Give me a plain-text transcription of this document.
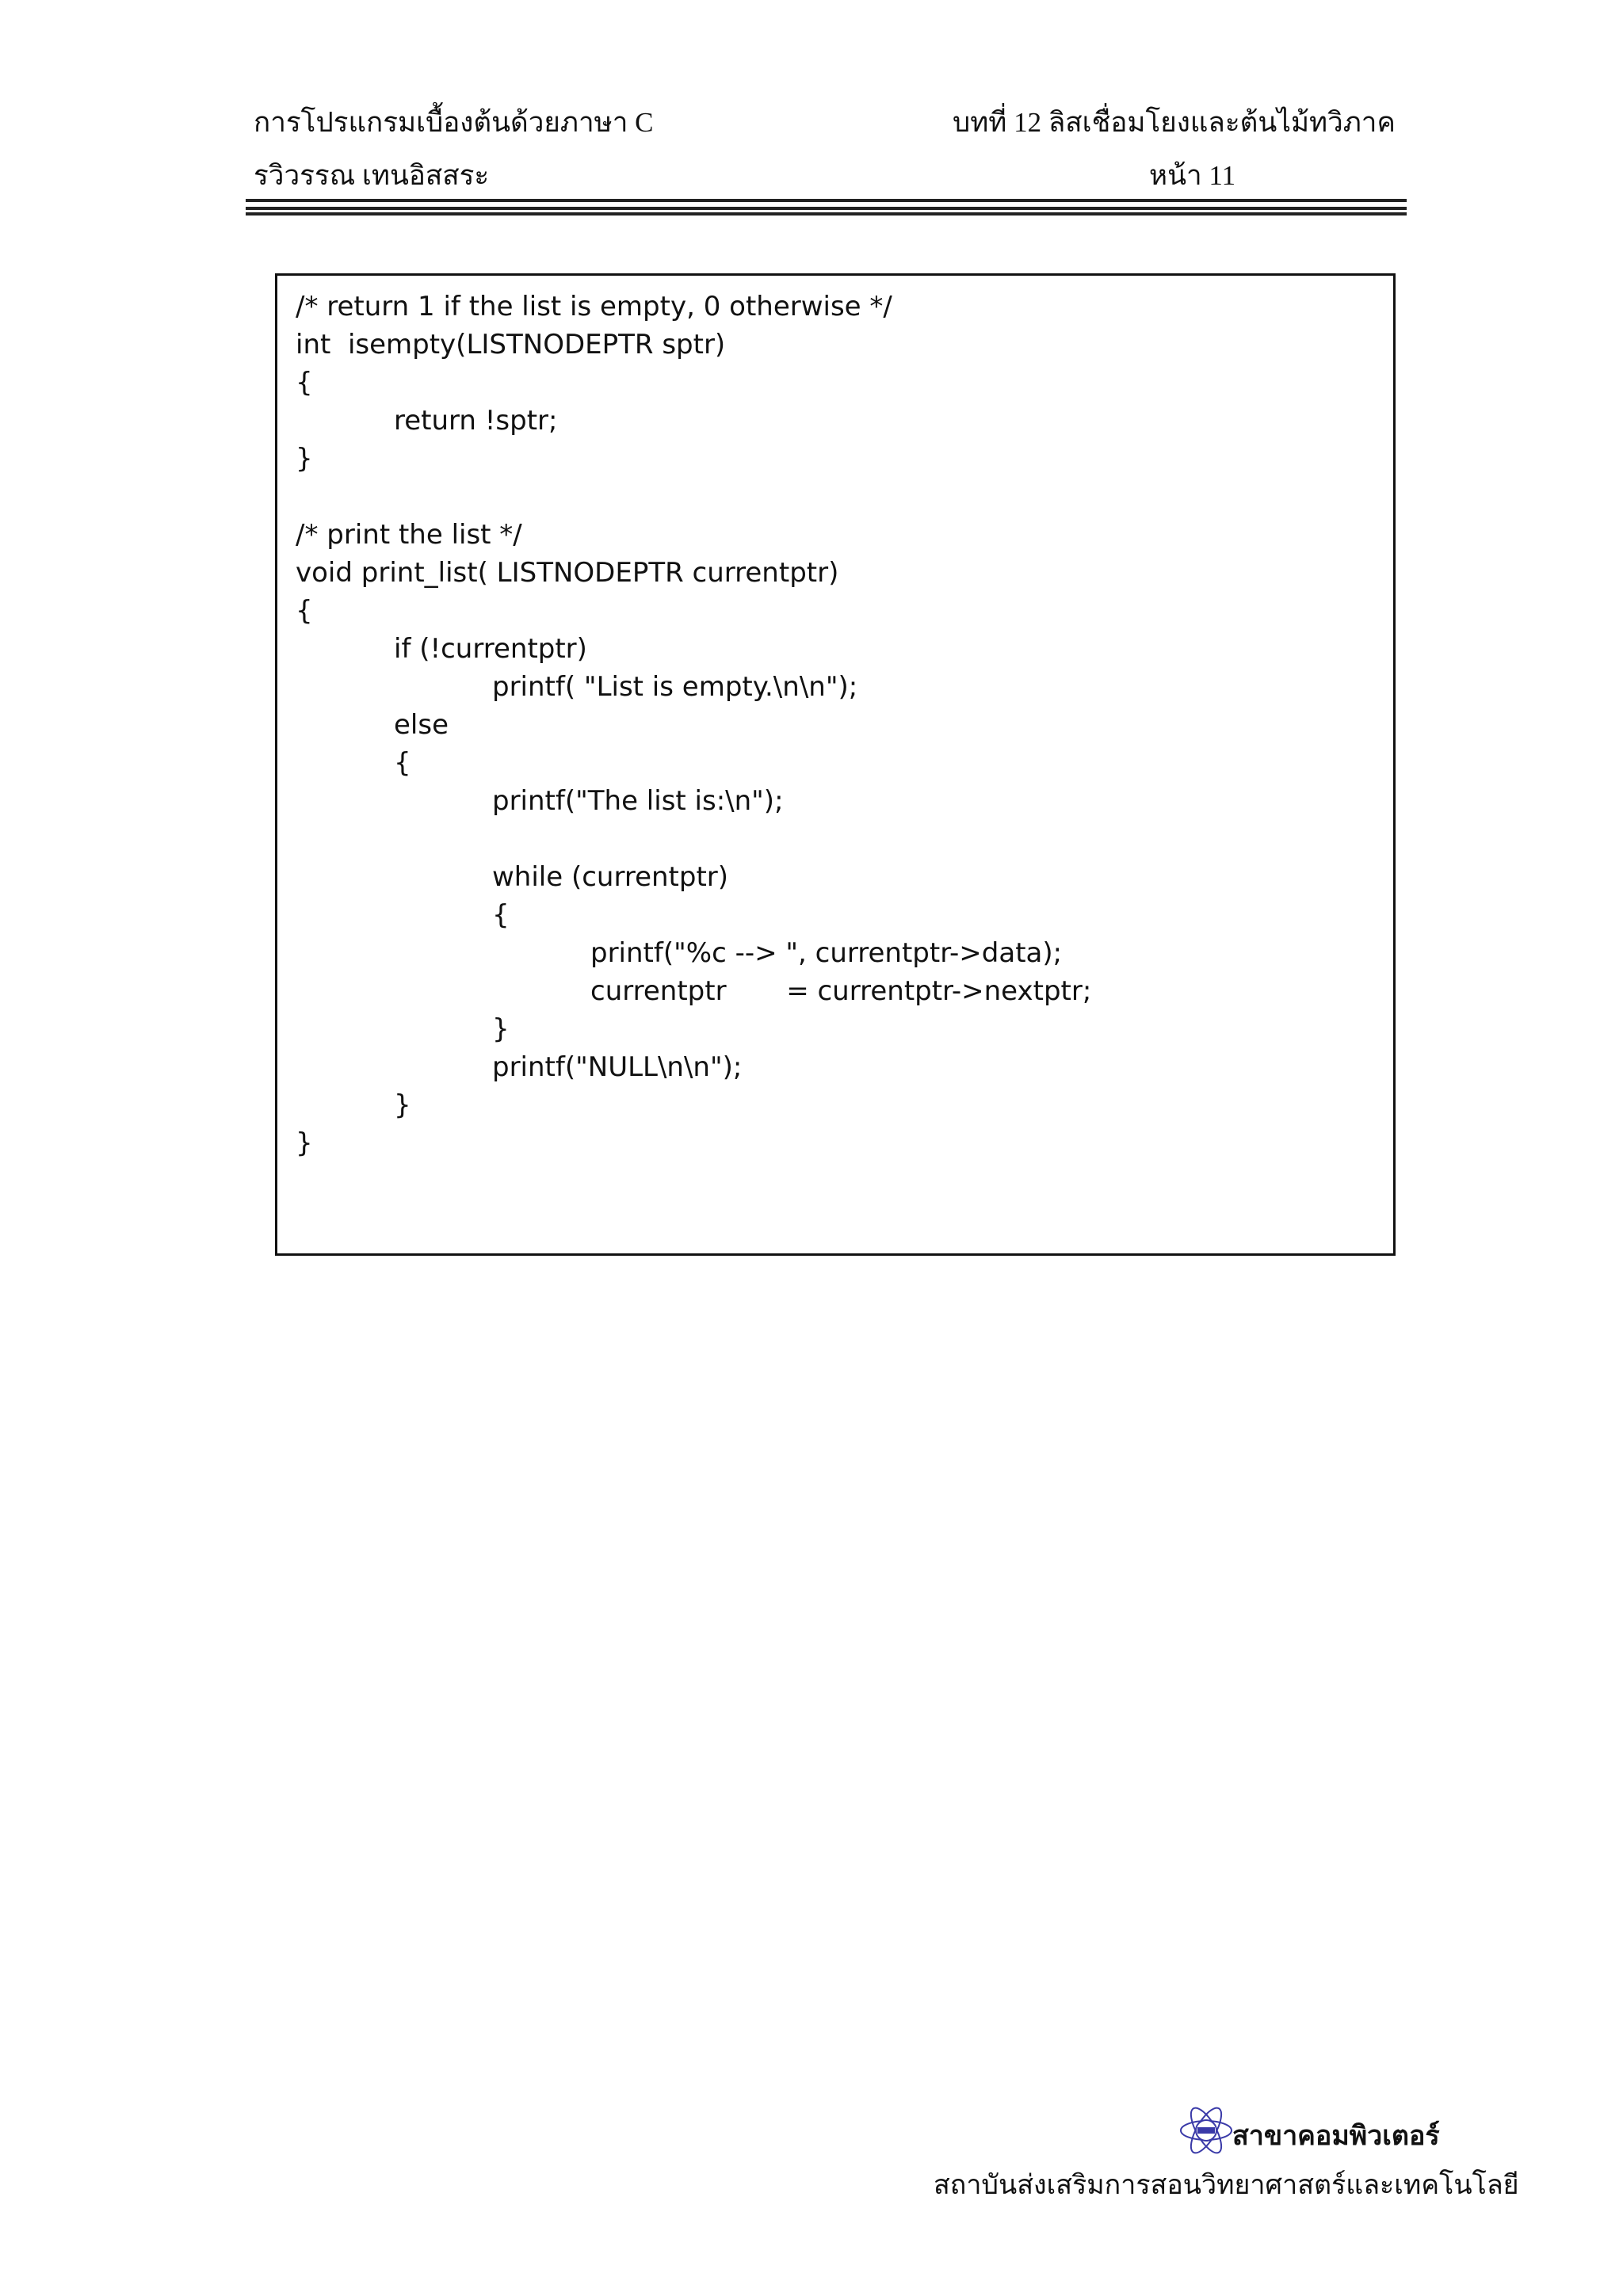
การโปรแกรมเบื้องต้นด้วยภาษา C	บทที่ 12 ลิสเชื่อมโยงและต้นไม้ทวิภาค
รวิวรรณ เทนอิสสระ	หน้า 11
/* return 1 if the list is empty, 0 otherwise */
int  isempty(LISTNODEPTR sptr)
{
return !sptr;
}
/* print the list */
void print_list( LISTNODEPTR currentptr)
{
if (!currentptr)
printf( "List is empty.\n\n");
else
{
printf("The list is:\n");
while (currentptr)
{
printf("%c --> ", currentptr->data);
currentptr       = currentptr->nextptr;
}
printf("NULL\n\n");
}
}
สาขาคอมพิวเตอร์
สถาบันส่งเสริมการสอนวิทยาศาสตร์และเทคโนโลยี
